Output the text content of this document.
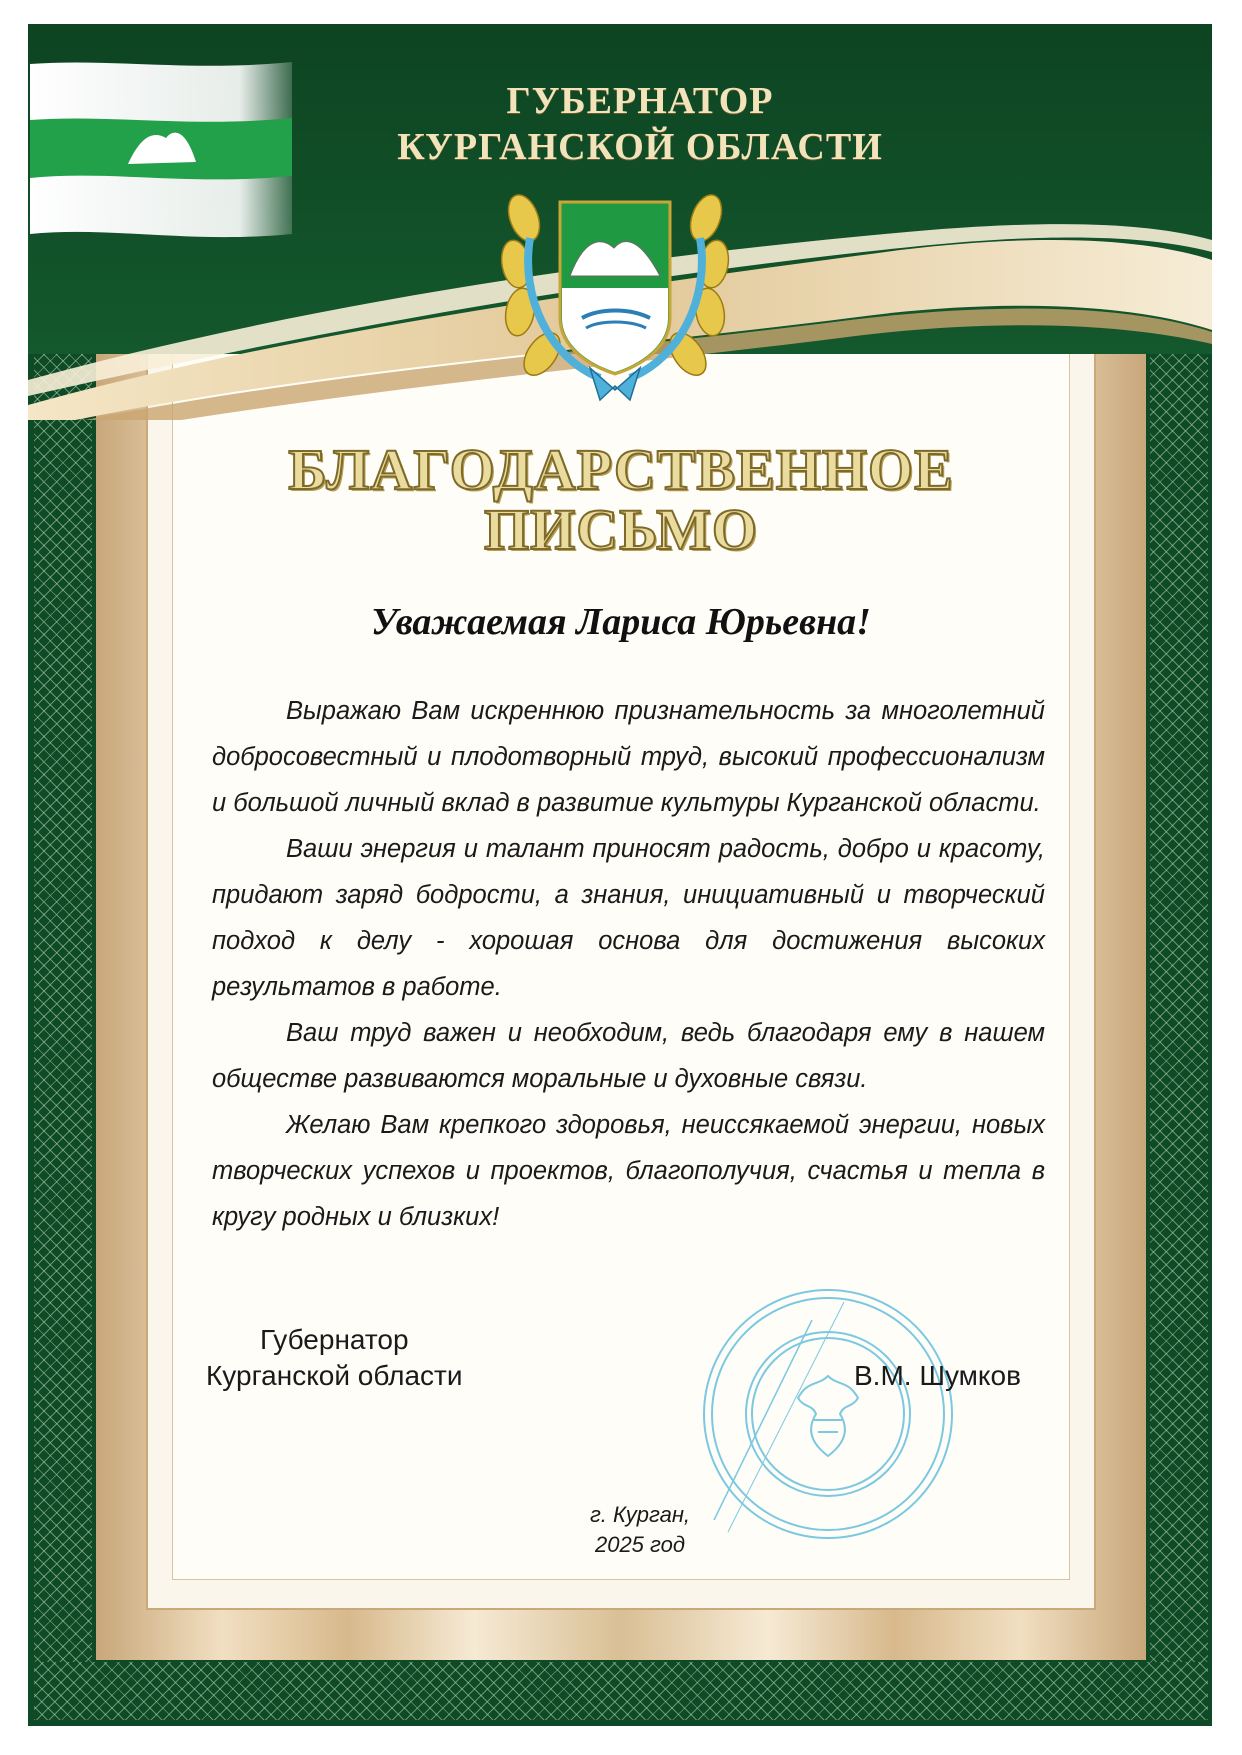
ГУБЕРНАТОР
КУРГАНСКОЙ ОБЛАСТИ
БЛАГОДАРСТВЕННОЕ
ПИСЬМО
Уважаемая Лариса Юрьевна!

Выражаю Вам искреннюю признательность за многолетний добросовестный и плодотворный труд, высокий профессионализм и большой личный вклад в развитие культуры Курганской области.

Ваши энергия и талант приносят радость, добро и красоту, придают заряд бодрости, а знания, инициативный и творческий подход к делу - хорошая основа для достижения высоких результатов в работе.

Ваш труд важен и необходим, ведь благодаря ему в нашем обществе развиваются моральные и духовные связи.

Желаю Вам крепкого здоровья, неиссякаемой энергии, новых творческих успехов и проектов, благополучия, счастья и тепла в кругу родных и близких!

Губернатор
Курганской области	В.М. Шумков
г. Курган,
2025 год
